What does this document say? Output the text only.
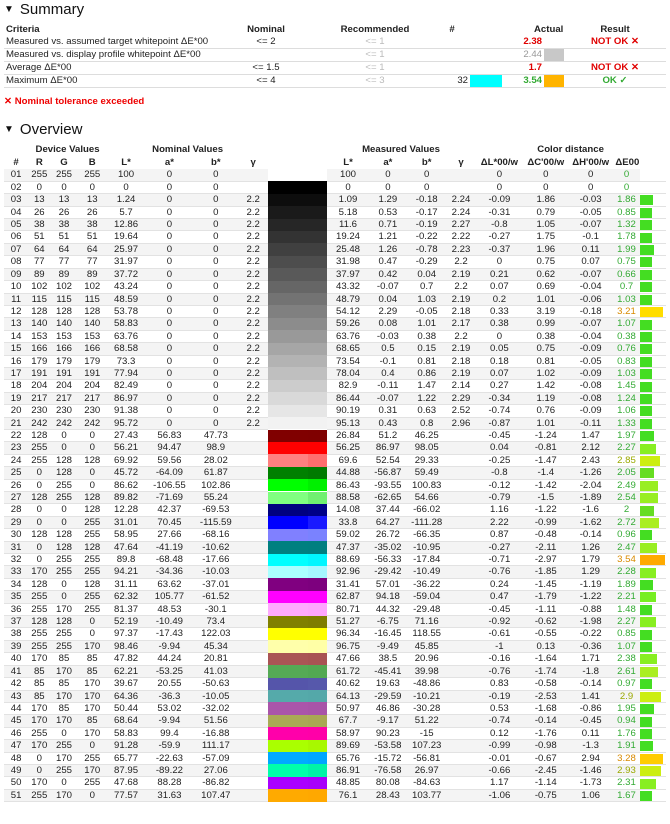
▼ Summary
Criteria	Nominal	Recommended	#		Actual		Result
Measured vs. assumed target whitepoint ΔE*00	<= 2	<= 1			2.38		NOT OK ✕
Measured vs. display profile whitepoint ΔE*00		<= 1			2.44		
Average ΔE*00	<= 1.5	<= 1			1.7		NOT OK ✕
Maximum ΔE*00	<= 4	<= 3	32		3.54		OK ✓
✕ Nominal tolerance exceeded
▼ Overview
	Device Values			Nominal Values						Measured Values				Color distance				
#	R	G	B	L*	a*	b*	γ			L*	a*	b*	γ	ΔL*00/w	ΔC'00/w	ΔH'00/w	ΔE00	
01	255	255	255	100	0	0				100	0	0		0	0	0	0	

02	0	0	0	0	0	0				0	0	0		0	0	0	0	

03	13	13	13	1.24	0	0	2.2			1.09	1.29	-0.18	2.24	-0.09	1.86	-0.03	1.86	

04	26	26	26	5.7	0	0	2.2			5.18	0.53	-0.17	2.24	-0.31	0.79	-0.05	0.85	

05	38	38	38	12.86	0	0	2.2			11.6	0.71	-0.19	2.27	-0.8	1.05	-0.07	1.32	

06	51	51	51	19.64	0	0	2.2			19.24	1.21	-0.22	2.22	-0.27	1.75	-0.1	1.78	

07	64	64	64	25.97	0	0	2.2			25.48	1.26	-0.78	2.23	-0.37	1.96	0.11	1.99	

08	77	77	77	31.97	0	0	2.2			31.98	0.47	-0.29	2.2	0	0.75	0.07	0.75	

09	89	89	89	37.72	0	0	2.2			37.97	0.42	0.04	2.19	0.21	0.62	-0.07	0.66	

10	102	102	102	43.24	0	0	2.2			43.32	-0.07	0.7	2.2	0.07	0.69	-0.04	0.7	

11	115	115	115	48.59	0	0	2.2			48.79	0.04	1.03	2.19	0.2	1.01	-0.06	1.03	

12	128	128	128	53.78	0	0	2.2			54.12	2.29	-0.05	2.18	0.33	3.19	-0.18	3.21	

13	140	140	140	58.83	0	0	2.2			59.26	0.08	1.01	2.17	0.38	0.99	-0.07	1.07	

14	153	153	153	63.76	0	0	2.2			63.76	-0.03	0.38	2.2	0	0.38	-0.04	0.38	

15	166	166	166	68.58	0	0	2.2			68.65	0.5	0.15	2.19	0.05	0.75	-0.09	0.76	

16	179	179	179	73.3	0	0	2.2			73.54	-0.1	0.81	2.18	0.18	0.81	-0.05	0.83	

17	191	191	191	77.94	0	0	2.2			78.04	0.4	0.86	2.19	0.07	1.02	-0.09	1.03	

18	204	204	204	82.49	0	0	2.2			82.9	-0.11	1.47	2.14	0.27	1.42	-0.08	1.45	

19	217	217	217	86.97	0	0	2.2			86.44	-0.07	1.22	2.29	-0.34	1.19	-0.08	1.24	

20	230	230	230	91.38	0	0	2.2			90.19	0.31	0.63	2.52	-0.74	0.76	-0.09	1.06	

21	242	242	242	95.72	0	0	2.2			95.13	0.43	0.8	2.96	-0.87	1.01	-0.11	1.33	

22	128	0	0	27.43	56.83	47.73				26.84	51.2	46.25		-0.45	-1.24	1.47	1.97	

23	255	0	0	56.21	94.47	98.9				56.25	86.97	98.05		0.04	-0.81	2.12	2.27	

24	255	128	128	69.92	59.56	28.02				69.6	52.54	29.33		-0.25	-1.47	2.43	2.85	

25	0	128	0	45.72	-64.09	61.87				44.88	-56.87	59.49		-0.8	-1.4	-1.26	2.05	

26	0	255	0	86.62	-106.55	102.86				86.43	-93.55	100.83		-0.12	-1.42	-2.04	2.49	

27	128	255	128	89.82	-71.69	55.24				88.58	-62.65	54.66		-0.79	-1.5	-1.89	2.54	

28	0	0	128	12.28	42.37	-69.53				14.08	37.44	-66.02		1.16	-1.22	-1.6	2	

29	0	0	255	31.01	70.45	-115.59				33.8	64.27	-111.28		2.22	-0.99	-1.62	2.72	

30	128	128	255	58.95	27.66	-68.16				59.02	26.72	-66.35		0.87	-0.48	-0.14	0.96	

31	0	128	128	47.64	-41.19	-10.62				47.37	-35.02	-10.95		-0.27	-2.11	1.26	2.47	

32	0	255	255	89.8	-68.48	-17.66				88.69	-56.33	-17.84		-0.71	-2.97	1.79	3.54	

33	170	255	255	94.21	-34.36	-10.03				92.96	-29.42	-10.49		-0.76	-1.85	1.29	2.28	

34	128	0	128	31.11	63.62	-37.01				31.41	57.01	-36.22		0.24	-1.45	-1.19	1.89	

35	255	0	255	62.32	105.77	-61.52				62.87	94.18	-59.04		0.47	-1.79	-1.22	2.21	

36	255	170	255	81.37	48.53	-30.1				80.71	44.32	-29.48		-0.45	-1.11	-0.88	1.48	

37	128	128	0	52.19	-10.49	73.4				51.27	-6.75	71.16		-0.92	-0.62	-1.98	2.27	

38	255	255	0	97.37	-17.43	122.03				96.34	-16.45	118.55		-0.61	-0.55	-0.22	0.85	

39	255	255	170	98.46	-9.94	45.34				96.75	-9.49	45.85		-1	0.13	-0.36	1.07	

40	170	85	85	47.82	44.24	20.81				47.66	38.5	20.96		-0.16	-1.64	1.71	2.38	

41	85	170	85	62.21	-53.25	41.03				61.72	-45.41	39.98		-0.76	-1.74	-1.8	2.61	

42	85	85	170	39.67	20.55	-50.63				40.62	19.63	-48.86		0.83	-0.58	-0.14	0.97	

43	85	170	170	64.36	-36.3	-10.05				64.13	-29.59	-10.21		-0.19	-2.53	1.41	2.9	

44	170	85	170	50.44	53.02	-32.02				50.97	46.86	-30.28		0.53	-1.68	-0.86	1.95	

45	170	170	85	68.64	-9.94	51.56				67.7	-9.17	51.22		-0.74	-0.14	-0.45	0.94	

46	255	0	170	58.83	99.4	-16.88				58.97	90.23	-15		0.12	-1.76	0.11	1.76	

47	170	255	0	91.28	-59.9	111.17				89.69	-53.58	107.23		-0.99	-0.98	-1.3	1.91	

48	0	170	255	65.77	-22.63	-57.09				65.76	-15.72	-56.81		-0.01	-0.67	2.94	3.28	

49	0	255	170	87.95	-89.22	27.06				86.91	-76.58	26.97		-0.66	-2.45	-1.46	2.93	

50	170	0	255	47.68	88.28	-86.82				48.85	80.08	-84.63		1.17	-1.14	-1.73	2.31	

51	255	170	0	77.57	31.63	107.47				76.1	28.43	103.77		-1.06	-0.75	1.06	1.67	
